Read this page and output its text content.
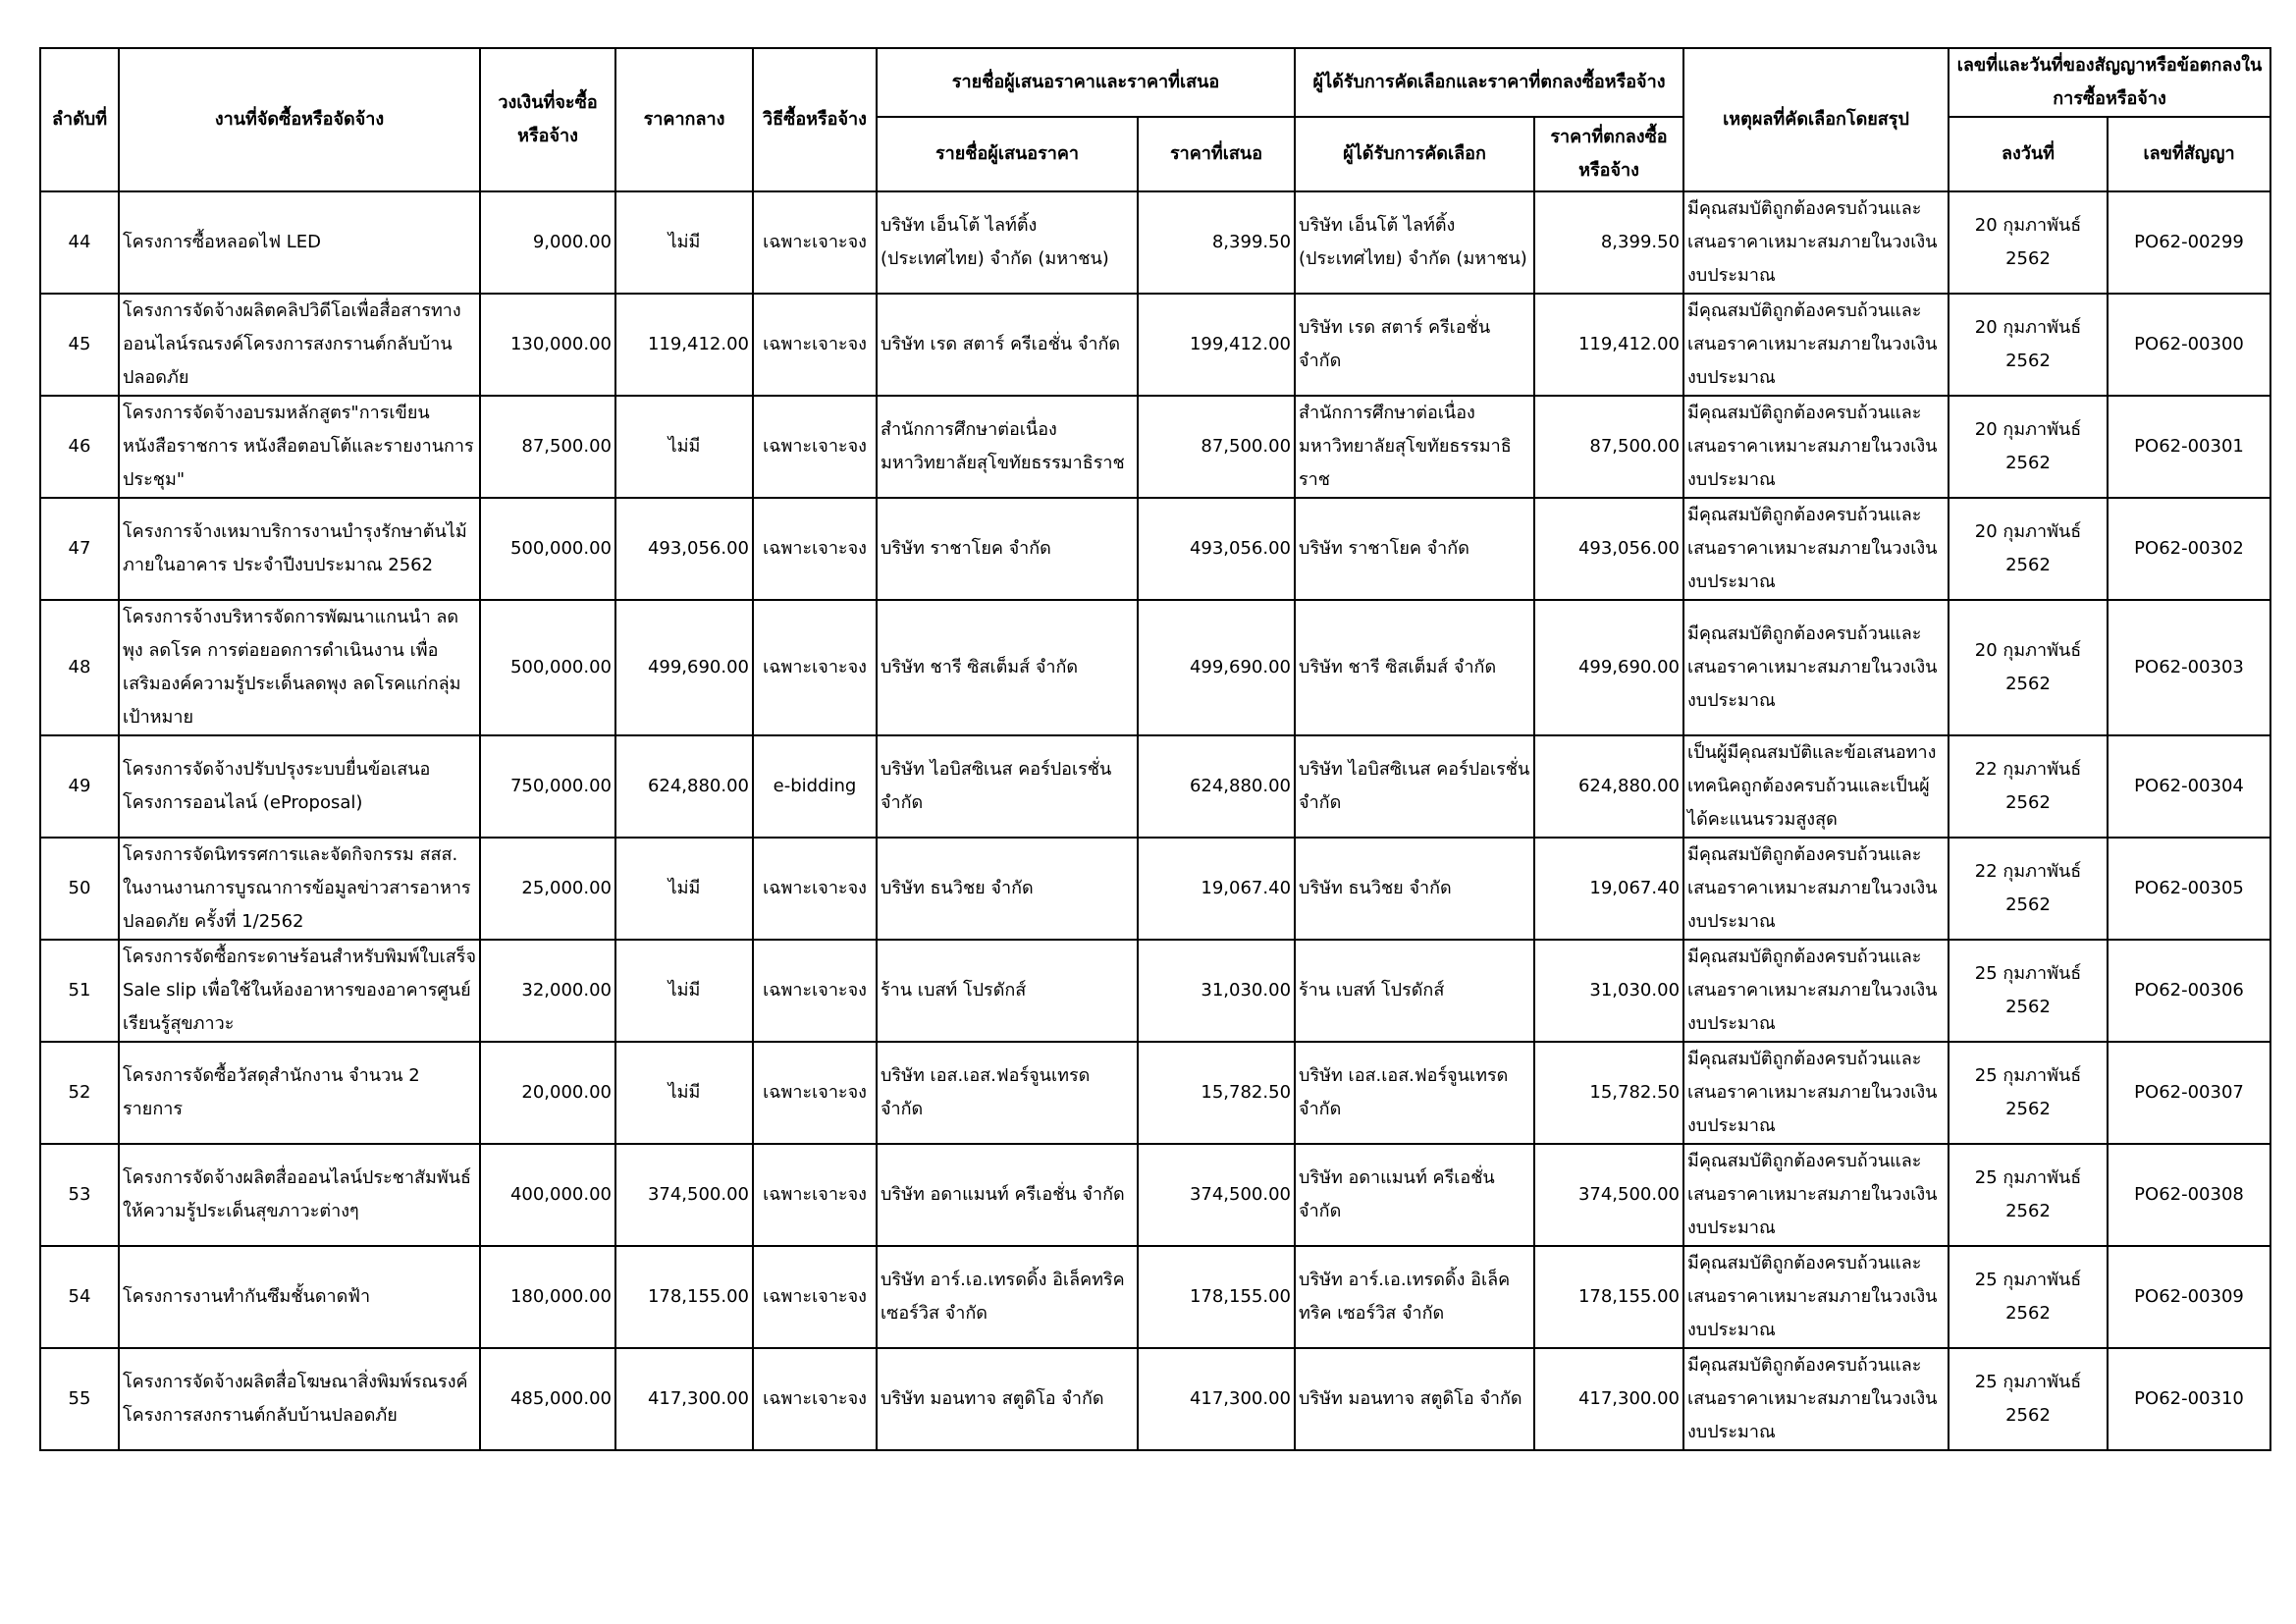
ลำดับที่	งานที่จัดซื้อหรือจัดจ้าง	วงเงินที่จะซื้อหรือจ้าง	ราคากลาง	วิธีซื้อหรือจ้าง	รายชื่อผู้เสนอราคาและราคาที่เสนอ		ผู้ได้รับการคัดเลือกและราคาที่ตกลงซื้อหรือจ้าง		เหตุผลที่คัดเลือกโดยสรุป	เลขที่และวันที่ของสัญญาหรือข้อตกลงในการซื้อหรือจ้าง	
					รายชื่อผู้เสนอราคา	ราคาที่เสนอ	ผู้ได้รับการคัดเลือก	ราคาที่ตกลงซื้อหรือจ้าง		ลงวันที่	เลขที่สัญญา
44	โครงการซื้อหลอดไฟ LED	9,000.00	ไม่มี	เฉพาะเจาะจง	บริษัท เอ็นโต้ ไลท์ติ้ง (ประเทศไทย) จำกัด (มหาชน)	8,399.50	บริษัท เอ็นโต้ ไลท์ติ้ง (ประเทศไทย) จำกัด (มหาชน)	8,399.50	มีคุณสมบัติถูกต้องครบถ้วนและเสนอราคาเหมาะสมภายในวงเงินงบประมาณ	20 กุมภาพันธ์ 2562	PO62-00299
45	โครงการจัดจ้างผลิตคลิปวิดีโอเพื่อสื่อสารทางออนไลน์รณรงค์โครงการสงกรานต์กลับบ้านปลอดภัย	130,000.00	119,412.00	เฉพาะเจาะจง	บริษัท เรด สตาร์ ครีเอชั่น จำกัด	199,412.00	บริษัท เรด สตาร์ ครีเอชั่น จำกัด	119,412.00	มีคุณสมบัติถูกต้องครบถ้วนและเสนอราคาเหมาะสมภายในวงเงินงบประมาณ	20 กุมภาพันธ์ 2562	PO62-00300
46	โครงการจัดจ้างอบรมหลักสูตร"การเขียนหนังสือราชการ หนังสือตอบโต้และรายงานการประชุม"	87,500.00	ไม่มี	เฉพาะเจาะจง	สำนักการศึกษาต่อเนื่อง มหาวิทยาลัยสุโขทัยธรรมาธิราช	87,500.00	สำนักการศึกษาต่อเนื่อง มหาวิทยาลัยสุโขทัยธรรมาธิราช	87,500.00	มีคุณสมบัติถูกต้องครบถ้วนและเสนอราคาเหมาะสมภายในวงเงินงบประมาณ	20 กุมภาพันธ์ 2562	PO62-00301
47	โครงการจ้างเหมาบริการงานบำรุงรักษาต้นไม้ภายในอาคาร ประจำปีงบประมาณ 2562	500,000.00	493,056.00	เฉพาะเจาะจง	บริษัท ราชาโยค จำกัด	493,056.00	บริษัท ราชาโยค จำกัด	493,056.00	มีคุณสมบัติถูกต้องครบถ้วนและเสนอราคาเหมาะสมภายในวงเงินงบประมาณ	20 กุมภาพันธ์ 2562	PO62-00302
48	โครงการจ้างบริหารจัดการพัฒนาแกนนำ ลดพุง ลดโรค การต่อยอดการดำเนินงาน เพื่อเสริมองค์ความรู้ประเด็นลดพุง ลดโรคแก่กลุ่มเป้าหมาย	500,000.00	499,690.00	เฉพาะเจาะจง	บริษัท ชารี ซิสเต็มส์ จำกัด	499,690.00	บริษัท ชารี ซิสเต็มส์ จำกัด	499,690.00	มีคุณสมบัติถูกต้องครบถ้วนและเสนอราคาเหมาะสมภายในวงเงินงบประมาณ	20 กุมภาพันธ์ 2562	PO62-00303
49	โครงการจัดจ้างปรับปรุงระบบยื่นข้อเสนอโครงการออนไลน์ (eProposal)	750,000.00	624,880.00	e-bidding	บริษัท ไอบิสซิเนส คอร์ปอเรชั่น จำกัด	624,880.00	บริษัท ไอบิสซิเนส คอร์ปอเรชั่น จำกัด	624,880.00	เป็นผู้มีคุณสมบัติและข้อเสนอทางเทคนิคถูกต้องครบถ้วนและเป็นผู้ได้คะแนนรวมสูงสุด	22 กุมภาพันธ์ 2562	PO62-00304
50	โครงการจัดนิทรรศการและจัดกิจกรรม สสส. ในงานงานการบูรณาการข้อมูลข่าวสารอาหารปลอดภัย ครั้งที่ 1/2562	25,000.00	ไม่มี	เฉพาะเจาะจง	บริษัท ธนวิชย จำกัด	19,067.40	บริษัท ธนวิชย จำกัด	19,067.40	มีคุณสมบัติถูกต้องครบถ้วนและเสนอราคาเหมาะสมภายในวงเงินงบประมาณ	22 กุมภาพันธ์ 2562	PO62-00305
51	โครงการจัดซื้อกระดาษร้อนสำหรับพิมพ์ใบเสร็จ Sale slip เพื่อใช้ในห้องอาหารของอาคารศูนย์เรียนรู้สุขภาวะ	32,000.00	ไม่มี	เฉพาะเจาะจง	ร้าน เบสท์ โปรดักส์	31,030.00	ร้าน เบสท์ โปรดักส์	31,030.00	มีคุณสมบัติถูกต้องครบถ้วนและเสนอราคาเหมาะสมภายในวงเงินงบประมาณ	25 กุมภาพันธ์ 2562	PO62-00306
52	โครงการจัดซื้อวัสดุสำนักงาน จำนวน 2 รายการ	20,000.00	ไม่มี	เฉพาะเจาะจง	บริษัท เอส.เอส.ฟอร์จูนเทรด จำกัด	15,782.50	บริษัท เอส.เอส.ฟอร์จูนเทรด จำกัด	15,782.50	มีคุณสมบัติถูกต้องครบถ้วนและเสนอราคาเหมาะสมภายในวงเงินงบประมาณ	25 กุมภาพันธ์ 2562	PO62-00307
53	โครงการจัดจ้างผลิตสื่อออนไลน์ประชาสัมพันธ์ให้ความรู้ประเด็นสุขภาวะต่างๆ	400,000.00	374,500.00	เฉพาะเจาะจง	บริษัท อดาแมนท์ ครีเอชั่น จำกัด	374,500.00	บริษัท อดาแมนท์ ครีเอชั่น จำกัด	374,500.00	มีคุณสมบัติถูกต้องครบถ้วนและเสนอราคาเหมาะสมภายในวงเงินงบประมาณ	25 กุมภาพันธ์ 2562	PO62-00308
54	โครงการงานทำกันซึมชั้นดาดฟ้า	180,000.00	178,155.00	เฉพาะเจาะจง	บริษัท อาร์.เอ.เทรดดิ้ง อิเล็คทริค เซอร์วิส จำกัด	178,155.00	บริษัท อาร์.เอ.เทรดดิ้ง อิเล็คทริค เซอร์วิส จำกัด	178,155.00	มีคุณสมบัติถูกต้องครบถ้วนและเสนอราคาเหมาะสมภายในวงเงินงบประมาณ	25 กุมภาพันธ์ 2562	PO62-00309
55	โครงการจัดจ้างผลิตสื่อโฆษณาสิ่งพิมพ์รณรงค์โครงการสงกรานต์กลับบ้านปลอดภัย	485,000.00	417,300.00	เฉพาะเจาะจง	บริษัท มอนทาจ สตูดิโอ จำกัด	417,300.00	บริษัท มอนทาจ สตูดิโอ จำกัด	417,300.00	มีคุณสมบัติถูกต้องครบถ้วนและเสนอราคาเหมาะสมภายในวงเงินงบประมาณ	25 กุมภาพันธ์ 2562	PO62-00310
